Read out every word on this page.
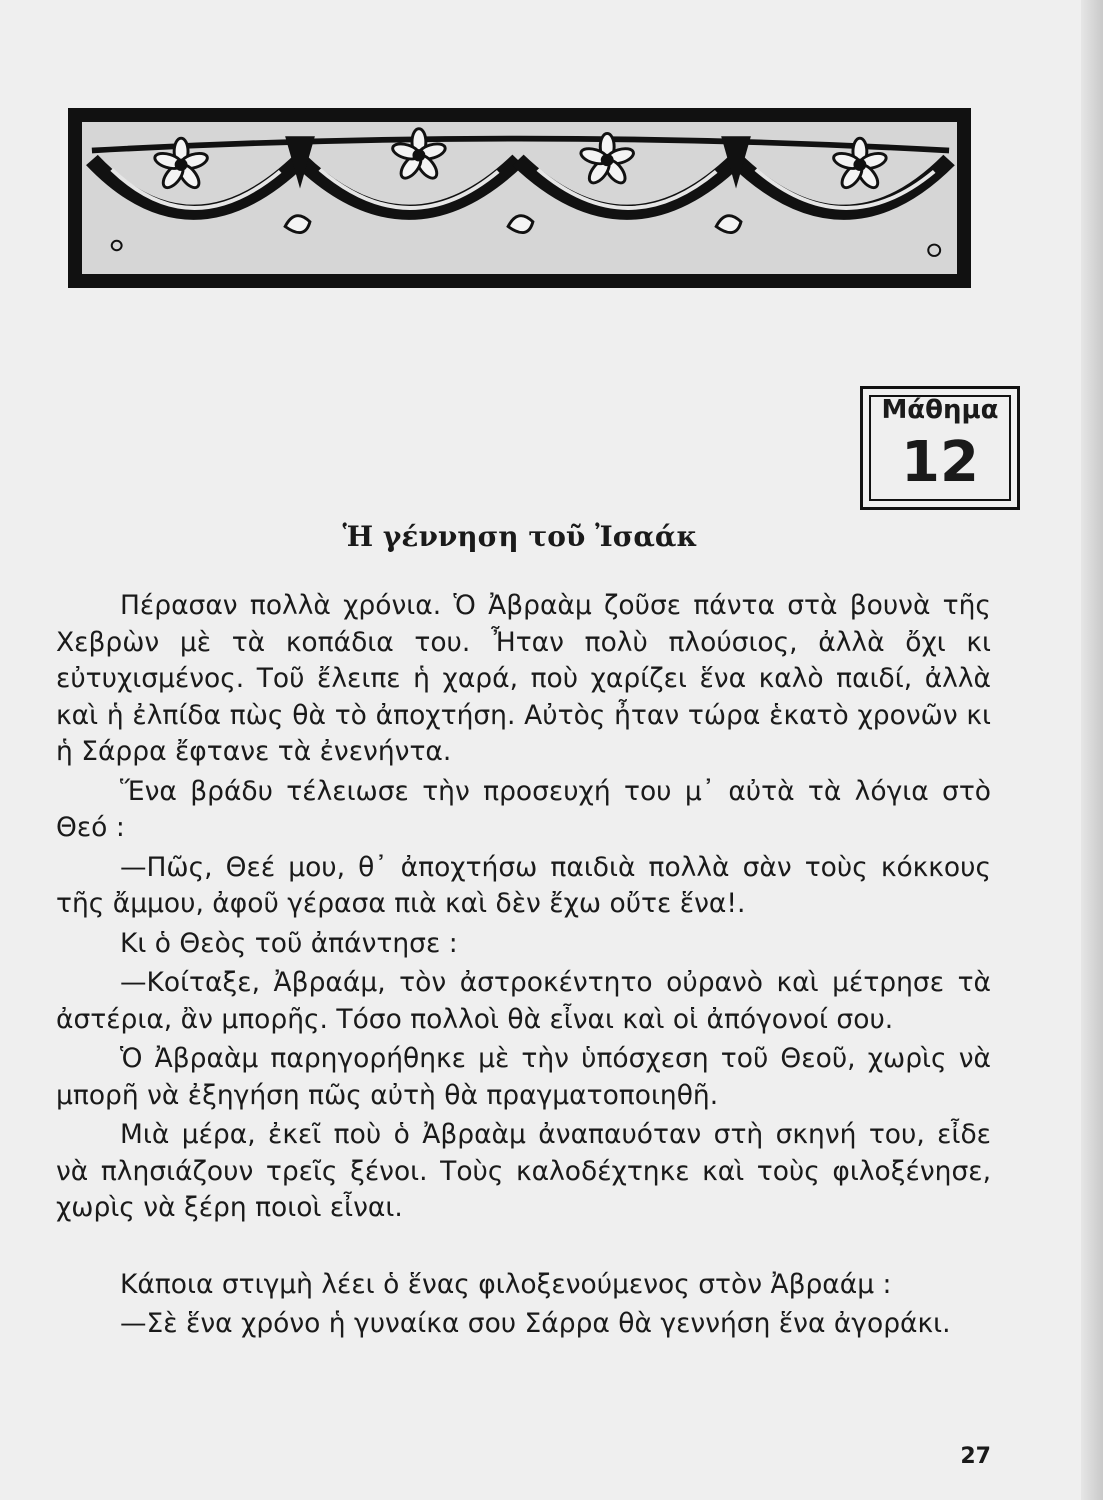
Μάθημα
12
Ἡ γέννηση τοῦ Ἰσαάκ

Πέρασαν πολλὰ χρόνια. Ὁ Ἀβραὰμ ζοῦσε πάντα στὰ βουνὰ τῆς Χεβρὼν μὲ τὰ κοπάδια του. Ἦταν πολὺ πλούσιος, ἀλλὰ ὄχι κι εὐτυχισμένος. Τοῦ ἔλειπε ἡ χαρά, ποὺ χαρίζει ἕνα καλὸ παιδί, ἀλλὰ καὶ ἡ ἐλπίδα πὼς θὰ τὸ ἀποχτήση. Αὐτὸς ἦταν τώρα ἑκατὸ χρονῶν κι ἡ Σάρρα ἔφτανε τὰ ἐνενήντα.

Ἕνα βράδυ τέλειωσε τὴν προσευχή του μ᾿ αὐτὰ τὰ λόγια στὸ Θεό :

—Πῶς, Θεέ μου, θ᾿ ἀποχτήσω παιδιὰ πολλὰ σὰν τοὺς κόκκους τῆς ἄμμου, ἀφοῦ γέρασα πιὰ καὶ δὲν ἔχω οὔτε ἕνα!.

Κι ὁ Θεὸς τοῦ ἀπάντησε :

—Κοίταξε, Ἀβραάμ, τὸν ἀστροκέντητο οὐρανὸ καὶ μέτρησε τὰ ἀστέρια, ἂν μπορῆς. Τόσο πολλοὶ θὰ εἶναι καὶ οἱ ἀπόγονοί σου.

Ὁ Ἀβραὰμ παρηγορήθηκε μὲ τὴν ὑπόσχεση τοῦ Θεοῦ, χωρὶς νὰ μπορῆ νὰ ἐξηγήση πῶς αὐτὴ θὰ πραγματοποιηθῆ.

Μιὰ μέρα, ἐκεῖ ποὺ ὁ Ἀβραὰμ ἀναπαυόταν στὴ σκηνή του, εἶδε νὰ πλησιάζουν τρεῖς ξένοι. Τοὺς καλοδέχτηκε καὶ τοὺς φιλοξένησε, χωρὶς νὰ ξέρη ποιοὶ εἶναι.

Κάποια στιγμὴ λέει ὁ ἕνας φιλοξενούμενος στὸν Ἀβραάμ :

—Σὲ ἕνα χρόνο ἡ γυναίκα σου Σάρρα θὰ γεννήση ἕνα ἀγοράκι.

27
